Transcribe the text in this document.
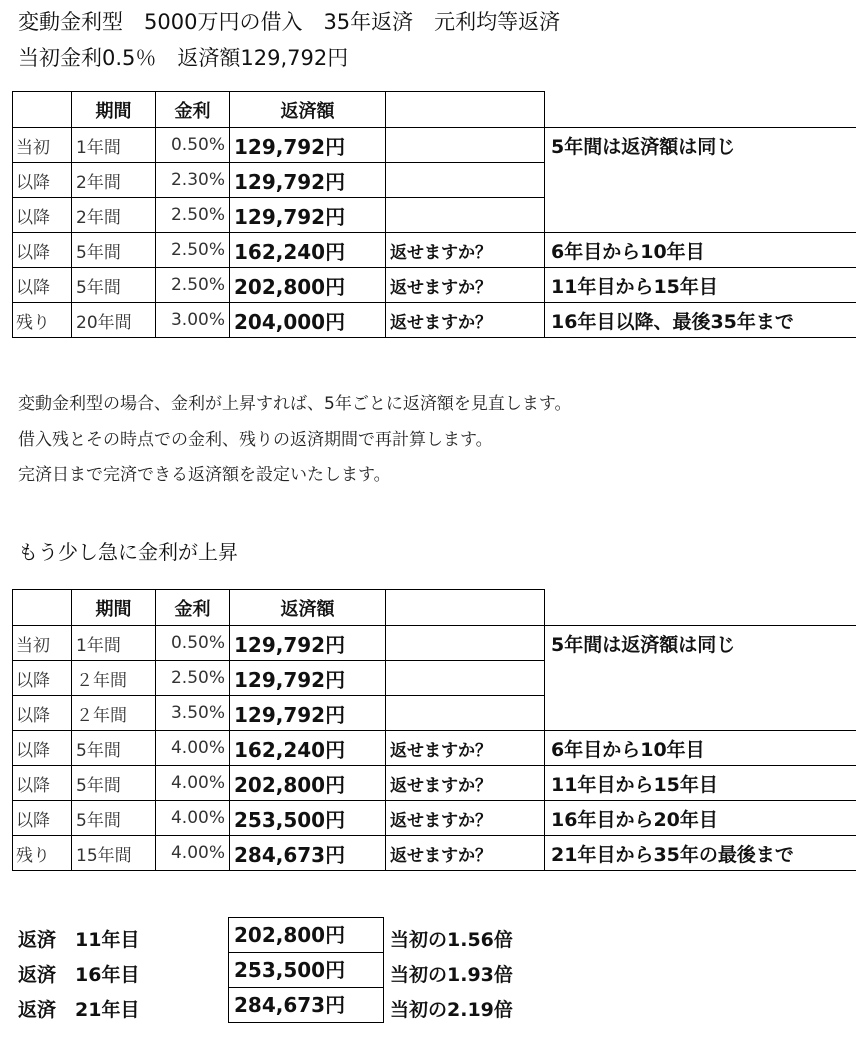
変動金利型　5000万円の借入　35年返済　元利均等返済
当初金利0.5％　返済額129,792円
	期間	金利	返済額		
当初	1年間	0.50%	129,792円		5年間は返済額は同じ
以降	2年間	2.30%	129,792円		
以降	2年間	2.50%	129,792円		
以降	5年間	2.50%	162,240円	返せますか？	6年目から10年目
以降	5年間	2.50%	202,800円	返せますか？	11年目から15年目
残り	20年間	3.00%	204,000円	返せますか？	16年目以降、最後35年まで
変動金利型の場合、金利が上昇すれば、5年ごとに返済額を見直します。
借入残とその時点での金利、残りの返済期間で再計算します。
完済日まで完済できる返済額を設定いたします。
もう少し急に金利が上昇
	期間	金利	返済額		
当初	1年間	0.50%	129,792円		5年間は返済額は同じ
以降	２年間	2.50%	129,792円		
以降	２年間	3.50%	129,792円		
以降	5年間	4.00%	162,240円	返せますか？	6年目から10年目
以降	5年間	4.00%	202,800円	返せますか？	11年目から15年目
以降	5年間	4.00%	253,500円	返せますか？	16年目から20年目
残り	15年間	4.00%	284,673円	返せますか？	21年目から35年の最後まで
返済　11年目	202,800円	当初の1.56倍
返済　16年目	253,500円	当初の1.93倍
返済　21年目	284,673円	当初の2.19倍
